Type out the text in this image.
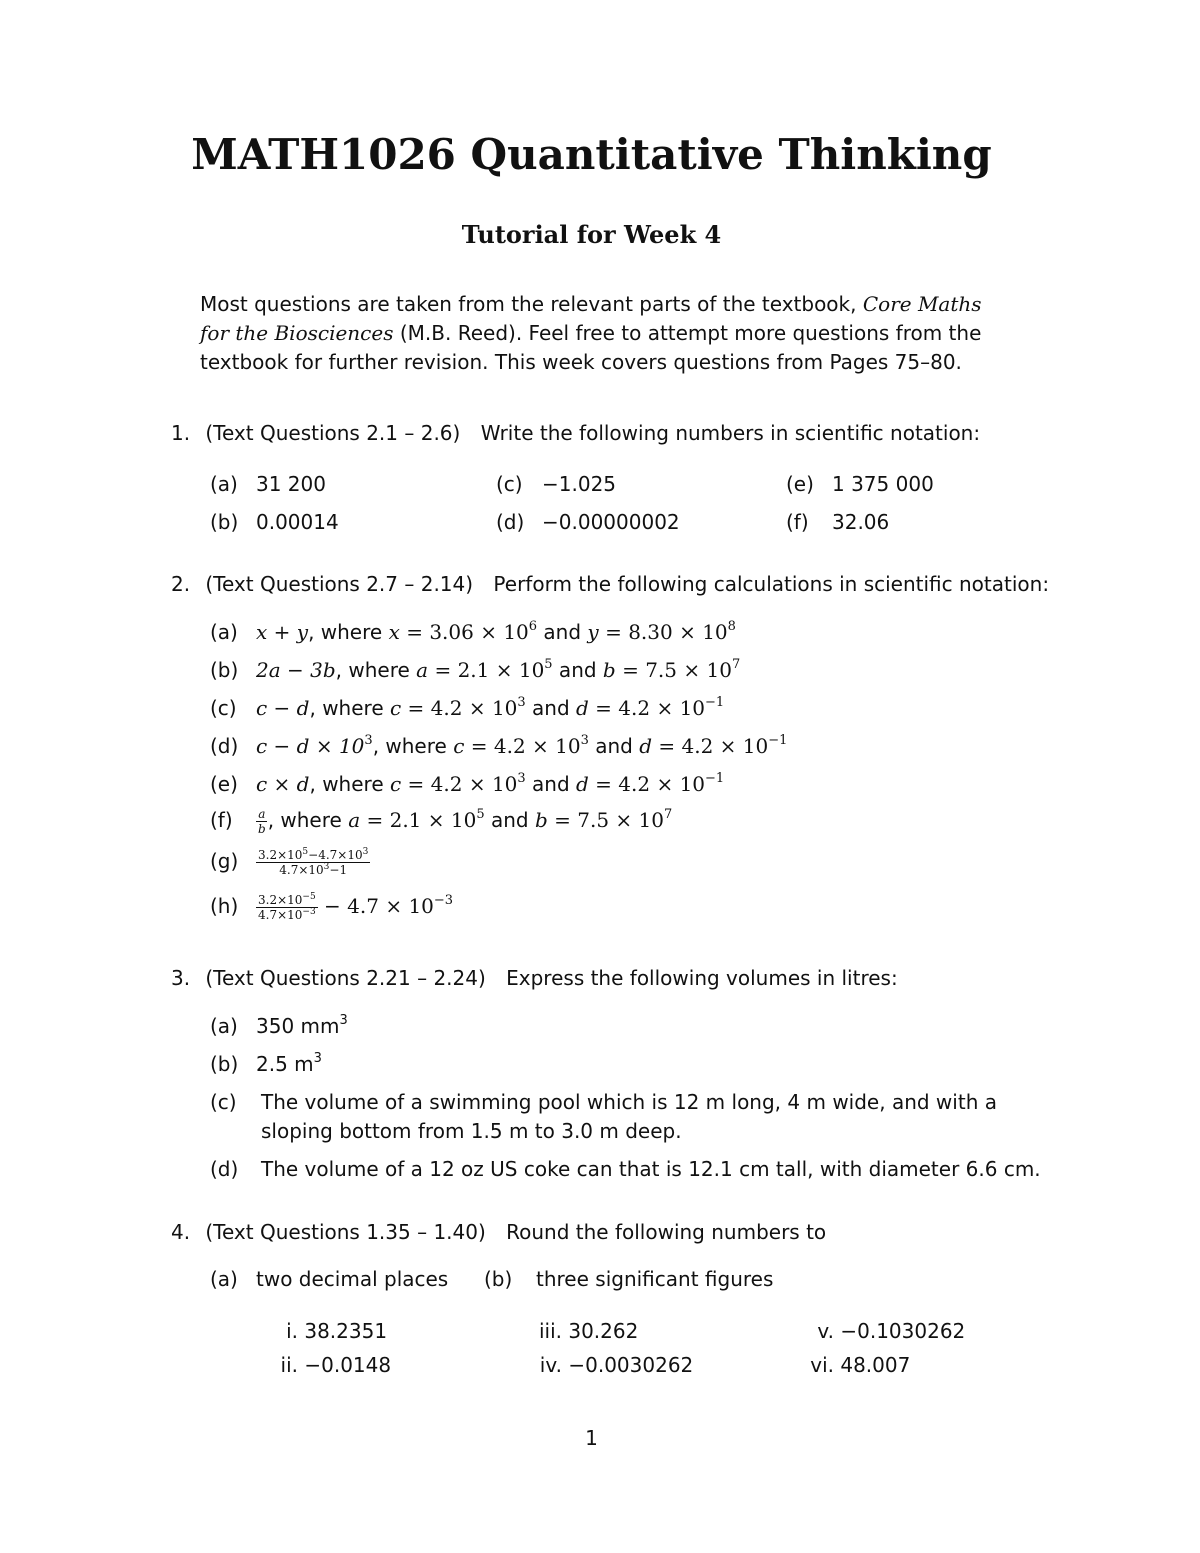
MATH1026 Quantitative Thinking
Tutorial for Week 4
Most questions are taken from the relevant parts of the textbook, Core Maths for the Biosciences (M.B. Reed). Feel free to attempt more questions from the textbook for further revision. This week covers questions from Pages 75–80.
1. (Text Questions 2.1 – 2.6) Write the following numbers in scientific notation:
(a) 31 200
(b) 0.00014
(c) −1.025
(d) −0.00000002
(e) 1 375 000
(f) 32.06
2. (Text Questions 2.7 – 2.14) Perform the following calculations in scientific notation:
(a) x + y, where $x = 3.06 \times 10^6$ and $y = 8.30 \times 10^8$
(b) 2a − 3b, where $a = 2.1 \times 10^5$ and $b = 7.5 \times 10^7$
(c) c − d, where $c = 4.2 \times 10^3$ and $d = 4.2 \times 10^{-1}$
(d) $c - d \times 10^3$, where $c = 4.2 \times 10^3$ and $d = 4.2 \times 10^{-1}$
(e) c × d, where $c = 4.2 \times 10^3$ and $d = 4.2 \times 10^{-1}$
$(f) \frac{a}{b}$ , where $a = 2.1 \times 10^5$ and $b = 7.5 \times 10^7$
$(g) \frac{3.2\times 10^5-4.7\times 10^3}{4.7\times 10^3-1}$
$(h) \frac{3.2\times 10^{-5}}{4.7\times 10^{-3}} - 4.7 \times 10^{-3}$
3. (Text Questions 2.21 – 2.24) Express the following volumes in litres:
(a) 350 $mm^3$
(b) 2.5 $m^3$
(c) The volume of a swimming pool which is 12 m long, 4 m wide, and with a
sloping bottom from 1.5 m to 3.0 m deep.
(d) The volume of a 12 oz US coke can that is 12.1 cm tall, with diameter 6.6 cm.
4. (Text Questions 1.35 – 1.40) Round the following numbers to
(a) two decimal places (b) three significant figures
i. 38.2351
ii. −0.0148
iii. 30.262
iv. −0.0030262
v. −0.1030262
vi. 48.007
1
